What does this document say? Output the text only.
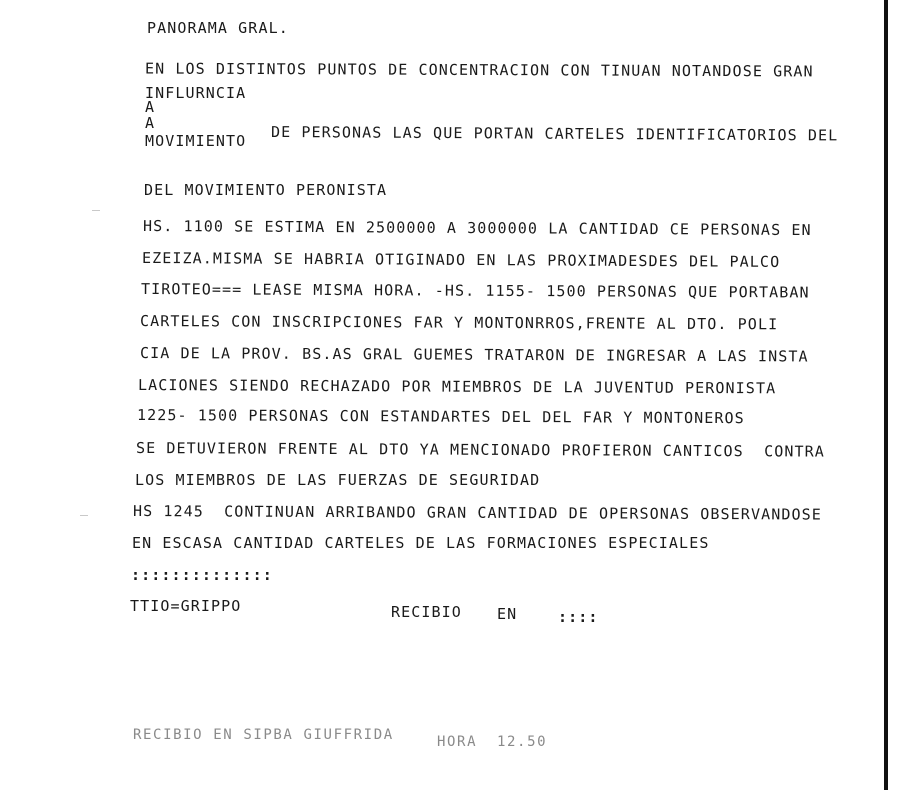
PANORAMA GRAL.
EN LOS DISTINTOS PUNTOS DE CONCENTRACION CON TINUAN NOTANDOSE GRAN
INFLURNCIA
A
A
MOVIMIENTO DE PERSONAS LAS QUE PORTAN CARTELES IDENTIFICATORIOS DEL
DEL MOVIMIENTO PERONISTA
HS. 1100 SE ESTIMA EN 2500000 A 3000000 LA CANTIDAD CE PERSONAS EN
EZEIZA.MISMA SE HABRIA OTIGINADO EN LAS PROXIMADESDES DEL PALCO
TIROTEO=== LEASE MISMA HORA. -HS. 1155- 1500 PERSONAS QUE PORTABAN
CARTELES CON INSCRIPCIONES FAR Y MONTONRROS,FRENTE AL DTO. POLI
CIA DE LA PROV. BS.AS GRAL GUEMES TRATARON DE INGRESAR A LAS INSTA
LACIONES SIENDO RECHAZADO POR MIEMBROS DE LA JUVENTUD PERONISTA
1225- 1500 PERSONAS CON ESTANDARTES DEL DEL FAR Y MONTONEROS
SE DETUVIERON FRENTE AL DTO YA MENCIONADO PROFIERON CANTICOS  CONTRA
LOS MIEMBROS DE LAS FUERZAS DE SEGURIDAD
HS 1245  CONTINUAN ARRIBANDO GRAN CANTIDAD DE OPERSONAS OBSERVANDOSE
EN ESCASA CANTIDAD CARTELES DE LAS FORMACIONES ESPECIALES
::::::::::::::
TTIO=GRIPPO	RECIBIO EN	::::
RECIBIO EN SIPBA GIUFFRIDA	HORA 12.50
